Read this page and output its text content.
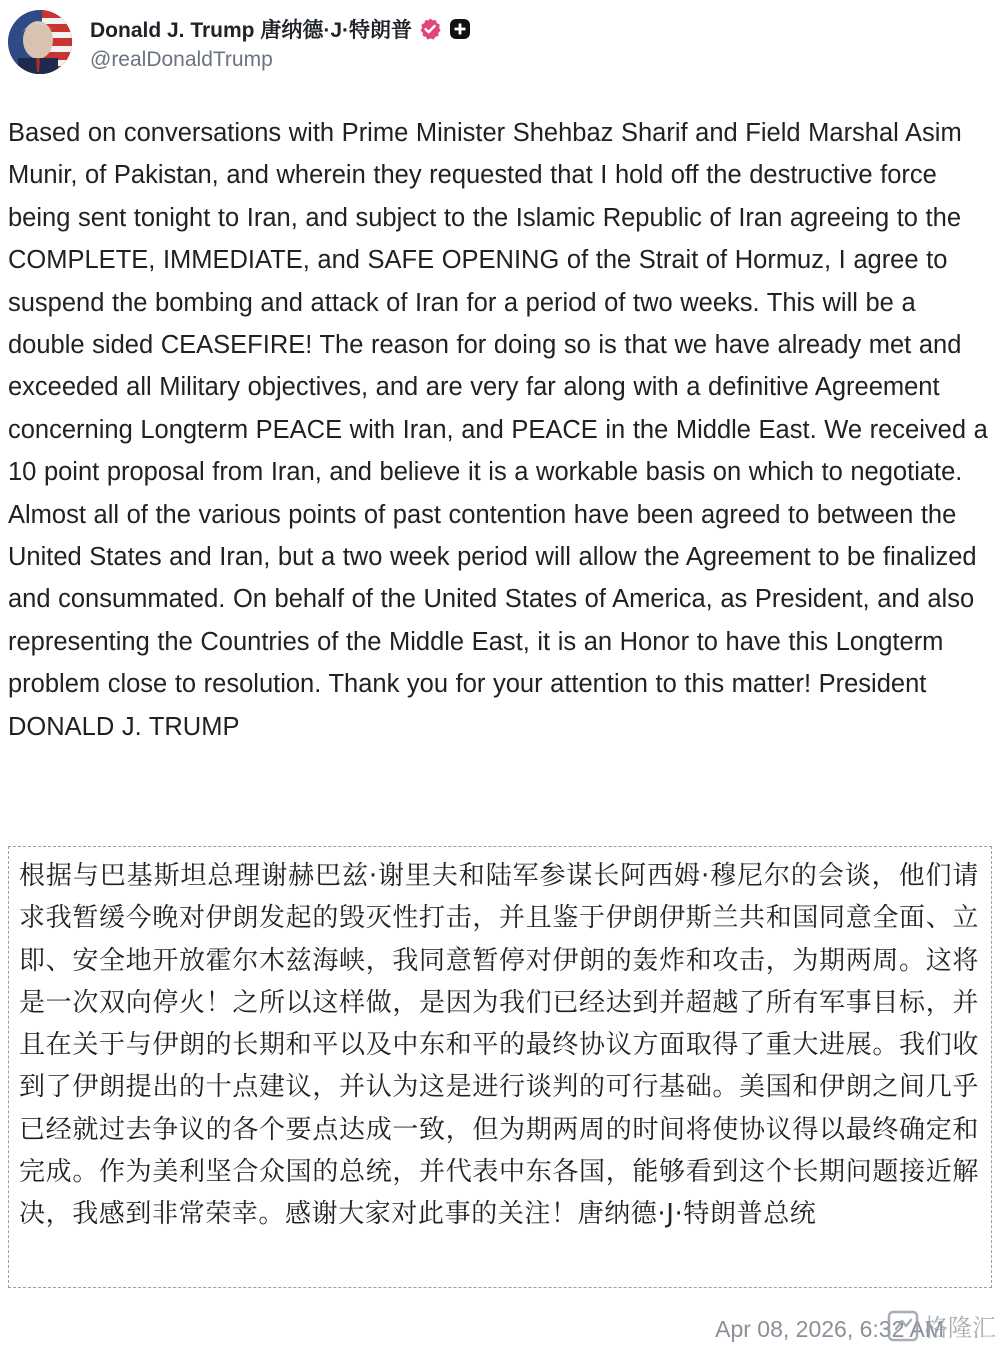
Donald J. Trump 唐纳德·J·特朗普
@realDonaldTrump

Based on conversations with Prime Minister Shehbaz Sharif and Field Marshal Asim Munir, of Pakistan, and wherein they requested that I hold off the destructive force being sent tonight to Iran, and subject to the Islamic Republic of Iran agreeing to the COMPLETE, IMMEDIATE, and SAFE OPENING of the Strait of Hormuz, I agree to suspend the bombing and attack of Iran for a period of two weeks. This will be a double sided CEASEFIRE! The reason for doing so is that we have already met and exceeded all Military objectives, and are very far along with a definitive Agreement concerning Longterm PEACE with Iran, and PEACE in the Middle East. We received a 10 point proposal from Iran, and believe it is a workable basis on which to negotiate. Almost all of the various points of past contention have been agreed to between the United States and Iran, but a two week period will allow the Agreement to be finalized and consummated. On behalf of the United States of America, as President, and also representing the Countries of the Middle East, it is an Honor to have this Longterm problem close to resolution. Thank you for your attention to this matter! President DONALD J. TRUMP

根据与巴基斯坦总理谢赫巴兹·谢里夫和陆军参谋长阿西姆·穆尼尔的会谈，他们请求我暂缓今晚对伊朗发起的毁灭性打击，并且鉴于伊朗伊斯兰共和国同意全面、立即、安全地开放霍尔木兹海峡，我同意暂停对伊朗的轰炸和攻击，为期两周。这将是一次双向停火！之所以这样做，是因为我们已经达到并超越了所有军事目标，并且在关于与伊朗的长期和平以及中东和平的最终协议方面取得了重大进展。我们收到了伊朗提出的十点建议，并认为这是进行谈判的可行基础。美国和伊朗之间几乎已经就过去争议的各个要点达成一致，但为期两周的时间将使协议得以最终确定和完成。作为美利坚合众国的总统，并代表中东各国，能够看到这个长期问题接近解决，我感到非常荣幸。感谢大家对此事的关注！唐纳德·J·特朗普总统

Apr 08, 2026, 6:32 AM
格隆汇
